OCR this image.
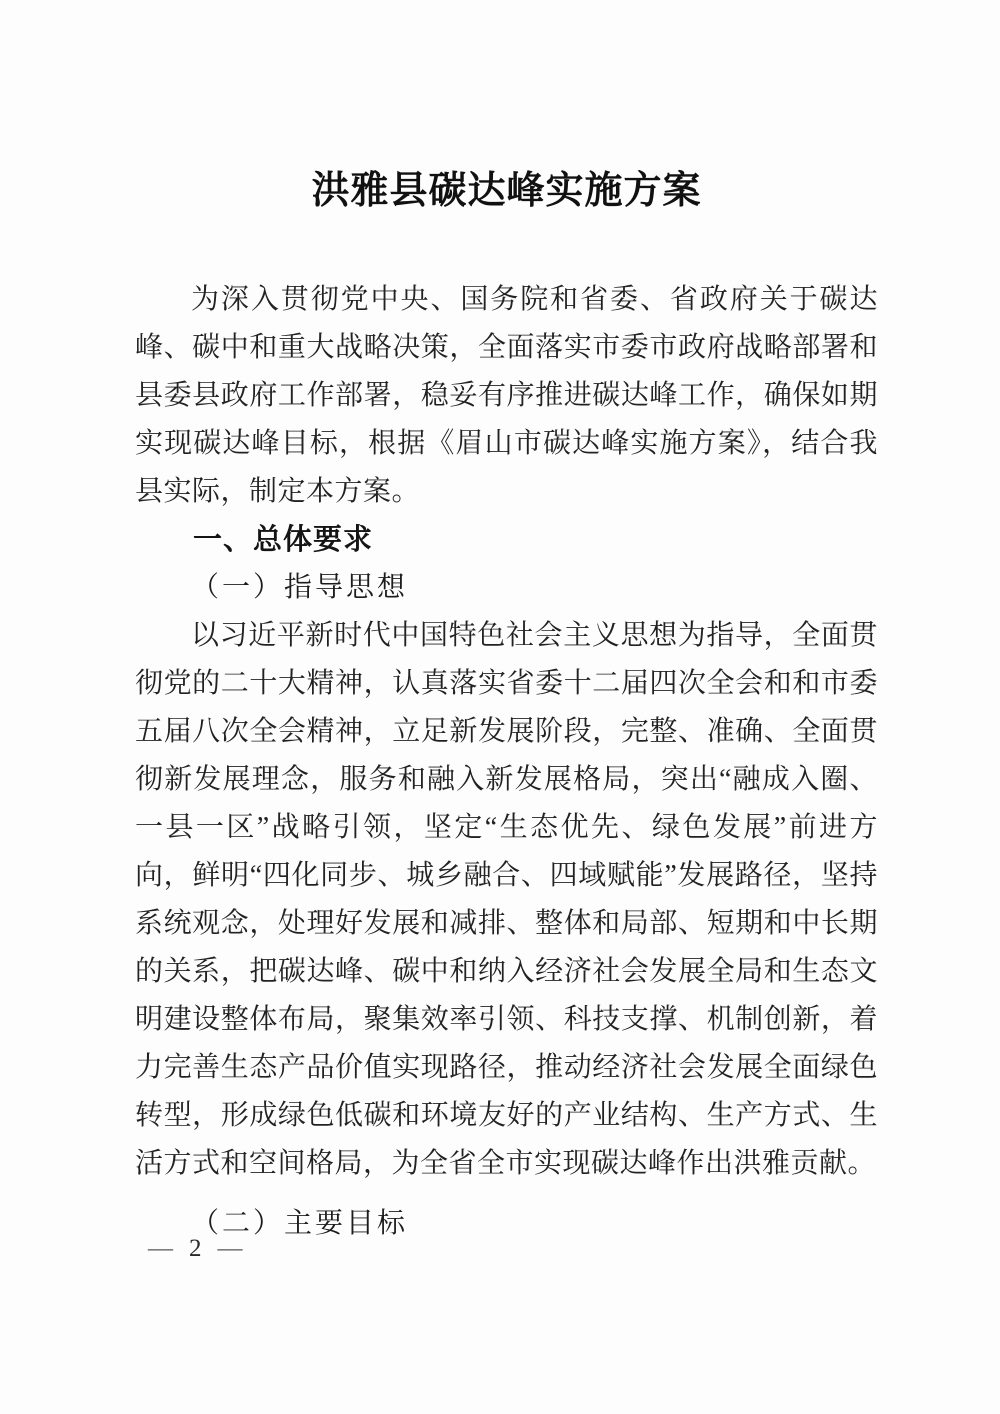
洪雅县碳达峰实施方案

为深入贯彻党中央、国务院和省委、省政府关于碳达峰、碳中和重大战略决策，全面落实市委市政府战略部署和县委县政府工作部署，稳妥有序推进碳达峰工作，确保如期实现碳达峰目标，根据《眉山市碳达峰实施方案》，结合我县实际，制定本方案。

一、总体要求
（一）指导思想

以习近平新时代中国特色社会主义思想为指导，全面贯彻党的二十大精神，认真落实省委十二届四次全会和和市委五届八次全会精神，立足新发展阶段，完整、准确、全面贯彻新发展理念，服务和融入新发展格局，突出“融成入圈、一县一区”战略引领，坚定“生态优先、绿色发展”前进方向，鲜明“四化同步、城乡融合、四域赋能”发展路径，坚持系统观念，处理好发展和减排、整体和局部、短期和中长期的关系，把碳达峰、碳中和纳入经济社会发展全局和生态文明建设整体布局，聚集效率引领、科技支撑、机制创新，着力完善生态产品价值实现路径，推动经济社会发展全面绿色转型，形成绿色低碳和环境友好的产业结构、生产方式、生活方式和空间格局，为全省全市实现碳达峰作出洪雅贡献。

（二）主要目标
— 2 —
